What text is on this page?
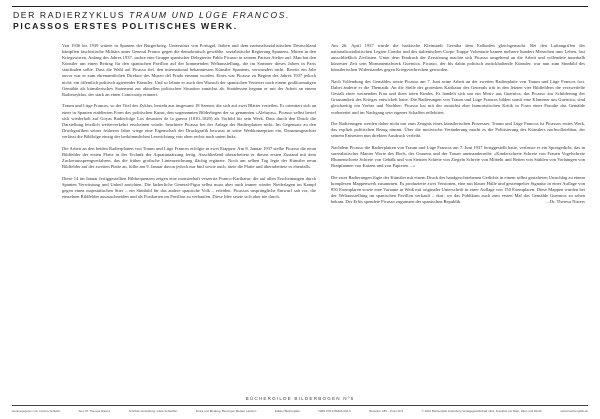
DER RADIERZYKLUS TRAUM UND LÜGE FRANCOS.
PICASSOS ERSTES POLITISCHES WERK.

Von 1936 bis 1939 wütete in Spanien der Bürgerkrieg. Unterstützt von Portugal, Italien und dem nationalsozialistischen Deutschland kämpften faschistische Militärs unter General Franco gegen die demokratisch gewählte, sozialistische Regierung Spaniens. Mitten in den Kriegswirren, Anfang des Jahres 1937, suchte eine Gruppe spanischer Delegierter Pablo Picasso in seinem Pariser Atelier auf. Man bat den Künstler um einen Beitrag für den spanischen Pavillon auf der kommenden Weltausstellung, die im Sommer dieses Jahres in Paris stattfinden sollte. Dass die Wahl auf Picasso fiel, den international bekanntesten Künstler Spaniens, verwundert nicht. Bereits ein Jahr zuvor war er zum ehrenamtlichen Direktor des Museo del Prado ernannt worden. Eines war Picasso zu Beginn des Jahres 1937 jedoch nicht: ein öffentlich politisch agierender Künstler. Und so lehnte er auch den Wunsch der spanischen Vertreter nach einem großformatigen Gemälde als künstlerisches Statement zur aktuellen politischen Situation zunächst ab. Stattdessen begann er mit der Arbeit an einem Radierzyklus, der stark an einen Comicstrip erinnert.

Traum und Lüge Francos, so der Titel des Zyklus, besteht aus insgesamt 18 Szenen, die sich auf zwei Blätter verteilen. Er orientiert sich an einer in Spanien etablierten Form des politischen Kunst, den sogenannten Bilderbogen der so genannten »Aleluyas«. Picasso selbst berief sich wiederholt auf Goyas Radierfolge Los desastres de la guerra (1810–1820) als Vorbild für sein Werk. Dass durch den Druck die Darstellung letztlich weiterverkehrt erscheinen würde, beachtete Picasso bei der Anlage der Radierplatten nicht. Im Gegensatz zu den Druckgrafiken seiner früheren Jahre wiege eine Eigenschaft der Druckgrafik bewusst in seine Werkkonzeption ein, Demzumgeachtet verlässt die Bildfolge einzig der herkömmlichen Leserichtung von oben rechts nach unten links.

Die Arbeit an den beiden Radierplatten von Traum und Lüge Francos erfolgte in zwei Etappen: Am 8. Januar 1937 stellte Picasso die neun Bildfelder der ersten Platte in der Technik der Aquatintaätzung fertig. Anschließend überarbeitete er diesen ersten Zustand mit dem Zuckeraussprengverfahren, das die früher grafische Linienzeichnung flächig ergänzte. Noch am selben Tag legte der Künstler neun Bildfelder auf der zweiten Platte an, füllte am 9. Januar davon jedoch nur fünf sowie auch, ätzte die Platte und überarbeitete es ebenfalls.

Diese 14 im Januar fertiggestellten Bildsequenzen zeigen eine monsterhaft verzerrte Franco-Karikatur, die auf allen Erscheinungen durch Spanien Verwüstung und Unheil anrichten. Die lächerliche General-Figur selbst muss aber auch immer wieder Niederlagen im Kampf gegen einen majestätischen Stier – ein Sinnbild für das andere spanische Volk – erleiden. Picassos ursprüngliche Entwurf sah vor, die einzelnen Bildfelder auszuschneiden und als Postkarten im Pavillon zu verkaufen. Diese Idee setzte sich aber nie durch.

Am 26. April 1937 wurde die baskische Kleinstadt Gernika dem Erdboden gleichgemacht. Bei den Luftangriffen der nationalsozialistischen Legion Condor und des italienischen Corpo Truppe Volontarie kamen mehrere hundert Menschen ums Leben, fast ausschließlich Zivilisten. Unter dem Eindruck der Zerstörung machte sich Picasso umgehend an die Arbeit und vollendete innerhalb kürzester Zeit sein Monumentalwerk Guernica. Picasso, der bis dahin politisch zurückhaltende Künstler, war nun zum Sinnbild des künstlerischen Widerstandes gegen Kriegsverbrechen geworden.

Nach Vollendung des Gemäldes setzte Picasso am 7. Juni seine Arbeit an der zweiten Radierplatte von Traum und Lüge Francos fort. Dabei änderte er die Thematik: An die Stelle der grotesken Karikatur des Generals tritt in den letzten vier Bildfeldern die verzweifelte Gestalt einer weinenden Frau und ihres toten Kindes. Es handelt sich um ein Motiv aus Guernica, das Picasso zur Schilderung der Grausamkeit des Krieges entwickelt hatte. Die Radierungen von Traum und Lüge Francos bilden somit eine Klammer um Guernica, sind gleichzeitig ein Vorher und Nachher: Picasso hat mit der zunächst eher humoristischen Kritik in Form einer Parodie das Gemälde vorbereitet und im Nachgang sein eigenes Schaffen reflektiert.

Die Radierungen werden daher nicht nur zum Zeugnis eines künstlerischen Prozesses. Traum und Lüge Francos ist Picassos erstes Werk, das explizit politischen Bezug nimmt. Über die motivische Veränderung macht es die Politisierung des Künstlers nachvollziehbar, der seinem Entsetzen nun direkten Ausdruck verleiht.

Nachdem Picasso die Radierplatten von Traum und Lüge Francos am 7. Juni 1937 fertiggestellt hatte, verfasste er ein Sportgedicht, das in surrealistischer Manier Worte des Ekels, des Grauens und der Trauer aneinanderreiht: »Kinderschreie Schreie von Frauen Vogelschreie Blumenschreie Schreie von Gebälk und von Steinen Schreie von Ziegeln Schreie von Möbeln und Betten von Stühlen von Vorhängen von Bratpfannen von Katzen und von Papieren ...«

Die zwei Radierungen fügte der Künstler mit einem Druck des handgeschriebenen Gedichts in einem selbst gestalteten Umschlag zu einem komplexen Mappenwerk zusammen. Es produzierte zwei Versionen, eine mit blauer Hülle und gestempelter Signatur in einer Auflage von 850 Exemplaren sowie eine Variante in Weiß mit originaler Unterschrift in einer Auflage von 150 Exemplaren. Diese Mappen wurden bei der Weltausstellung im spanischen Pavillon verkauft – dort, wo das Publikum auch zum ersten Mal das Gemälde Guernica zu sehen bekam. Der Erlös spendete Picasso zugunsten der spanischen Republik.	– Dr. Theresa Nisters

BÜCHERGILDE BILDERBOGEN Nº5
Herausgegeben von Cosima Schleißl	Text: Dr. Theresa Nisters	Schriften-Gestaltung: Clara Schleißler	Druck und Bindung: Benzinger Medien Laatzen	Edition Büchergilde	ISBN 978-3-86406-002-5	Bestellnr. 185 – Preis 29 €	© 2022 Büchergilde Gutenberg Verlagsgesellschaft mbH, Frankfurt am Main, Wien und Zürich	www.buechergilde.de
